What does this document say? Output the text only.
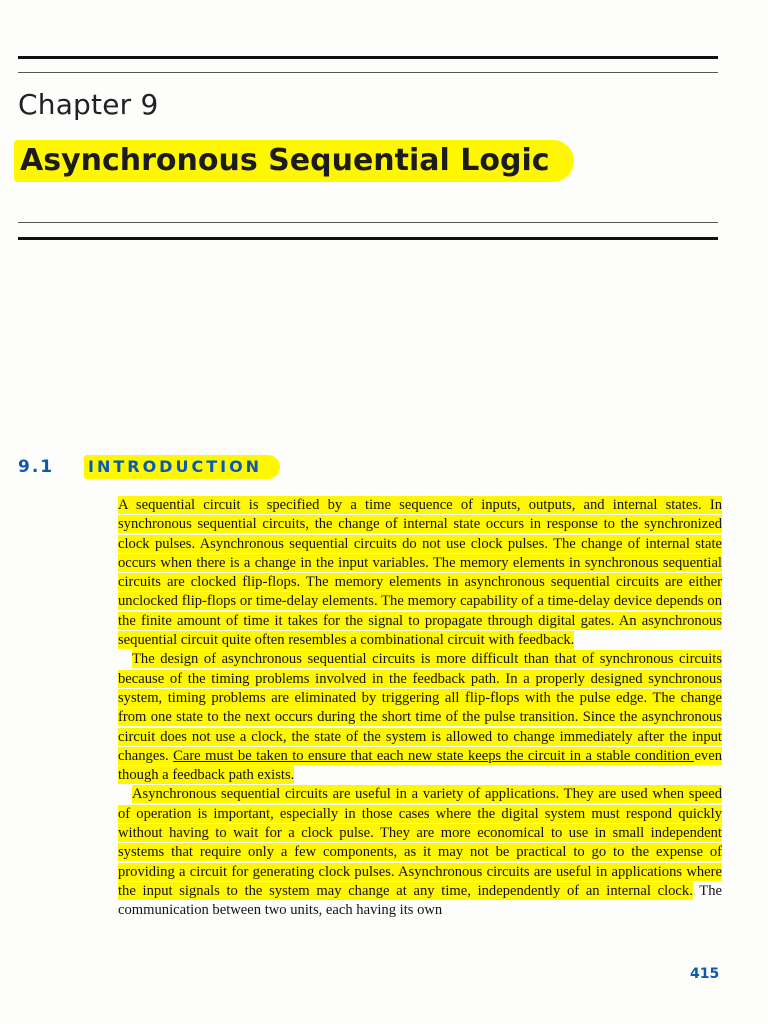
Chapter 9
Asynchronous Sequential Logic
9.1 INTRODUCTION

A sequential circuit is specified by a time sequence of inputs, outputs, and internal states. In synchronous sequential circuits, the change of internal state occurs in response to the synchronized clock pulses. Asynchronous sequential circuits do not use clock pulses. The change of internal state occurs when there is a change in the input variables. The memory elements in synchronous sequential circuits are clocked flip-flops. The memory elements in asynchronous sequential circuits are either unclocked flip-flops or time-delay elements. The memory capability of a time-delay device depends on the finite amount of time it takes for the signal to propagate through digital gates. An asynchronous sequential circuit quite often resembles a combinational circuit with feedback.

The design of asynchronous sequential circuits is more difficult than that of synchronous circuits because of the timing problems involved in the feedback path. In a properly designed synchronous system, timing problems are eliminated by triggering all flip-flops with the pulse edge. The change from one state to the next occurs during the short time of the pulse transition. Since the asynchronous circuit does not use a clock, the state of the system is allowed to change immediately after the input changes. Care must be taken to ensure that each new state keeps the circuit in a stable condition even though a feedback path exists.

Asynchronous sequential circuits are useful in a variety of applications. They are used when speed of operation is important, especially in those cases where the digital system must respond quickly without having to wait for a clock pulse. They are more economical to use in small independent systems that require only a few components, as it may not be practical to go to the expense of providing a circuit for generating clock pulses. Asynchronous circuits are useful in applications where the input signals to the system may change at any time, independently of an internal clock. The communication between two units, each having its own

415
